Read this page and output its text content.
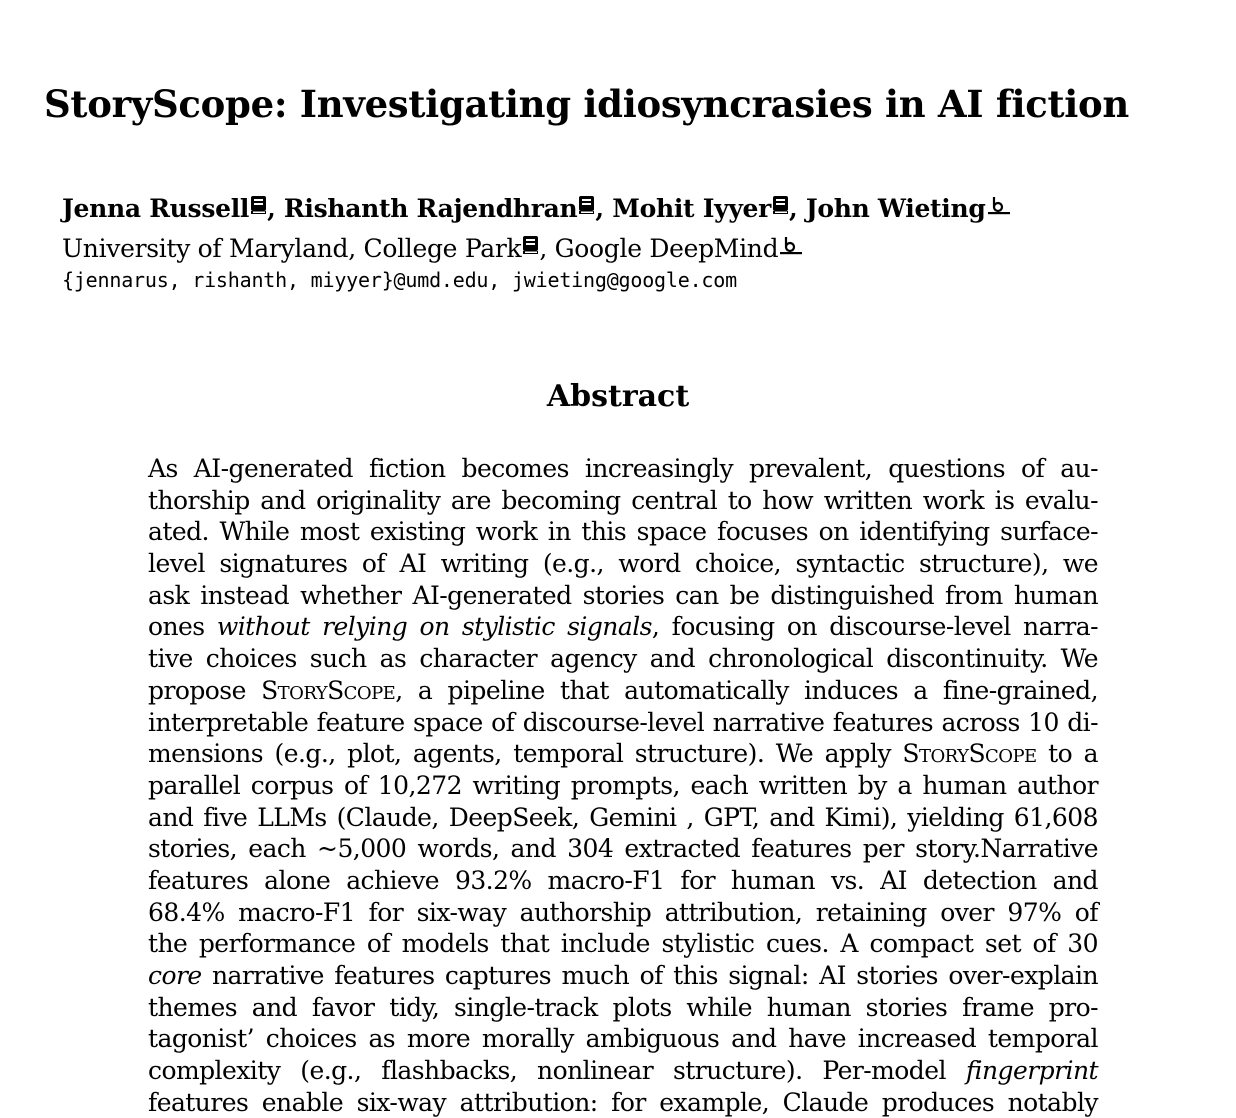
StoryScope: Investigating idiosyncrasies in AI fiction
Jenna Russell , Rishanth Rajendhran , Mohit Iyyer , John Wieting
University of Maryland, College Park , Google DeepMind
{jennarus, rishanth, miyyer}@umd.edu, jwieting@google.com
Abstract
As AI-generated fiction becomes increasingly prevalent, questions of au-
thorship and originality are becoming central to how written work is evalu-
ated. While most existing work in this space focuses on identifying surface-
level signatures of AI writing (e.g., word choice, syntactic structure), we
ask instead whether AI-generated stories can be distinguished from human
ones without relying on stylistic signals, focusing on discourse-level narra-
tive choices such as character agency and chronological discontinuity. We
propose StoryScope, a pipeline that automatically induces a fine-grained,
interpretable feature space of discourse-level narrative features across 10 di-
mensions (e.g., plot, agents, temporal structure). We apply StoryScope to a
parallel corpus of 10,272 writing prompts, each written by a human author
and five LLMs (Claude, DeepSeek, Gemini , GPT, and Kimi), yielding 61,608
stories, each ~5,000 words, and 304 extracted features per story.Narrative
features alone achieve 93.2% macro-F1 for human vs. AI detection and
68.4% macro-F1 for six-way authorship attribution, retaining over 97% of
the performance of models that include stylistic cues. A compact set of 30
core narrative features captures much of this signal: AI stories over-explain
themes and favor tidy, single-track plots while human stories frame pro-
tagonist’ choices as more morally ambiguous and have increased temporal
complexity (e.g., flashbacks, nonlinear structure). Per-model fingerprint
features enable six-way attribution: for example, Claude produces notably
